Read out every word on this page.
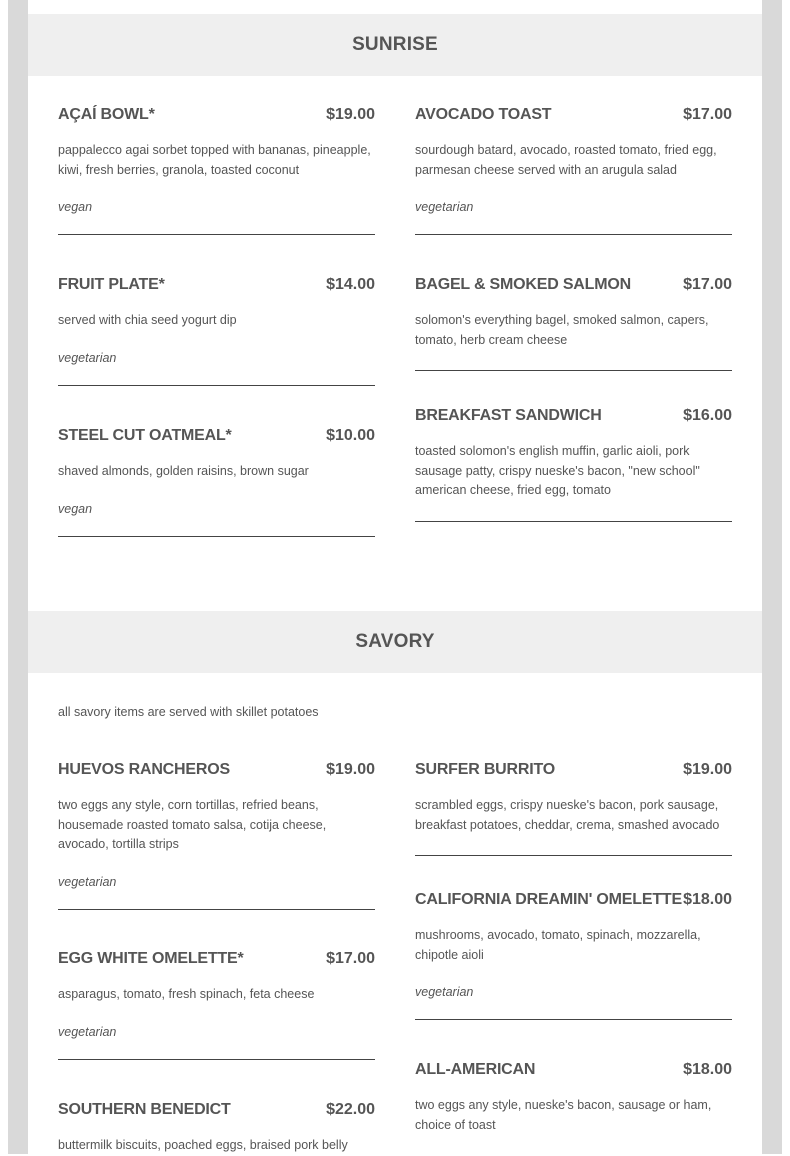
SUNRISE
AÇAÍ BOWL*	$19.00
pappalecco agai sorbet topped with bananas, pineapple, kiwi, fresh berries, granola, toasted coconut
vegan
AVOCADO TOAST	$17.00
sourdough batard, avocado, roasted tomato, fried egg, parmesan cheese served with an arugula salad
vegetarian
FRUIT PLATE*	$14.00
served with chia seed yogurt dip
vegetarian
BAGEL & SMOKED SALMON	$17.00
solomon's everything bagel, smoked salmon, capers, tomato, herb cream cheese
STEEL CUT OATMEAL*	$10.00
shaved almonds, golden raisins, brown sugar
vegan
BREAKFAST SANDWICH	$16.00
toasted solomon's english muffin, garlic aioli, pork sausage patty, crispy nueske's bacon, "new school" american cheese, fried egg, tomato
SAVORY
all savory items are served with skillet potatoes
HUEVOS RANCHEROS	$19.00
two eggs any style, corn tortillas, refried beans, housemade roasted tomato salsa, cotija cheese, avocado, tortilla strips
vegetarian
SURFER BURRITO	$19.00
scrambled eggs, crispy nueske's bacon, pork sausage, breakfast potatoes, cheddar, crema, smashed avocado
EGG WHITE OMELETTE*	$17.00
asparagus, tomato, fresh spinach, feta cheese
vegetarian
CALIFORNIA DREAMIN' OMELETTE $18.00
mushrooms, avocado, tomato, spinach, mozzarella, chipotle aioli
vegetarian
SOUTHERN BENEDICT	$22.00
buttermilk biscuits, poached eggs, braised pork belly
ALL-AMERICAN	$18.00
two eggs any style, nueske's bacon, sausage or ham, choice of toast
